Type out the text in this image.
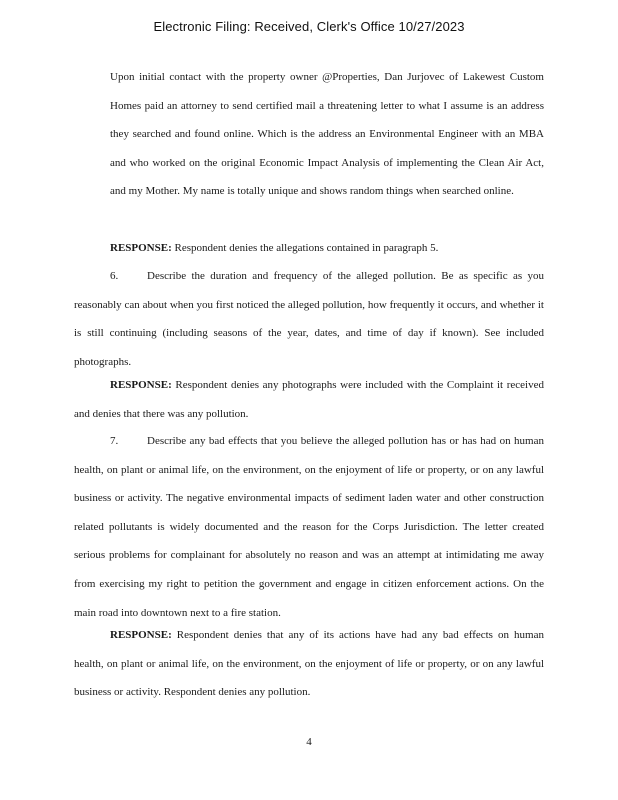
Electronic Filing: Received, Clerk's Office 10/27/2023

Upon initial contact with the property owner @Properties, Dan Jurjovec of Lakewest Custom Homes paid an attorney to send certified mail a threatening letter to what I assume is an address they searched and found online. Which is the address an Environmental Engineer with an MBA and who worked on the original Economic Impact Analysis of implementing the Clean Air Act, and my Mother. My name is totally unique and shows random things when searched online.

RESPONSE: Respondent denies the allegations contained in paragraph 5.

6.	Describe the duration and frequency of the alleged pollution. Be as specific as you reasonably can about when you first noticed the alleged pollution, how frequently it occurs, and whether it is still continuing (including seasons of the year, dates, and time of day if known). See included photographs.

RESPONSE: Respondent denies any photographs were included with the Complaint it received and denies that there was any pollution.

7.	Describe any bad effects that you believe the alleged pollution has or has had on human health, on plant or animal life, on the environment, on the enjoyment of life or property, or on any lawful business or activity. The negative environmental impacts of sediment laden water and other construction related pollutants is widely documented and the reason for the Corps Jurisdiction. The letter created serious problems for complainant for absolutely no reason and was an attempt at intimidating me away from exercising my right to petition the government and engage in citizen enforcement actions. On the main road into downtown next to a fire station.

RESPONSE: Respondent denies that any of its actions have had any bad effects on human health, on plant or animal life, on the environment, on the enjoyment of life or property, or on any lawful business or activity. Respondent denies any pollution.

4
